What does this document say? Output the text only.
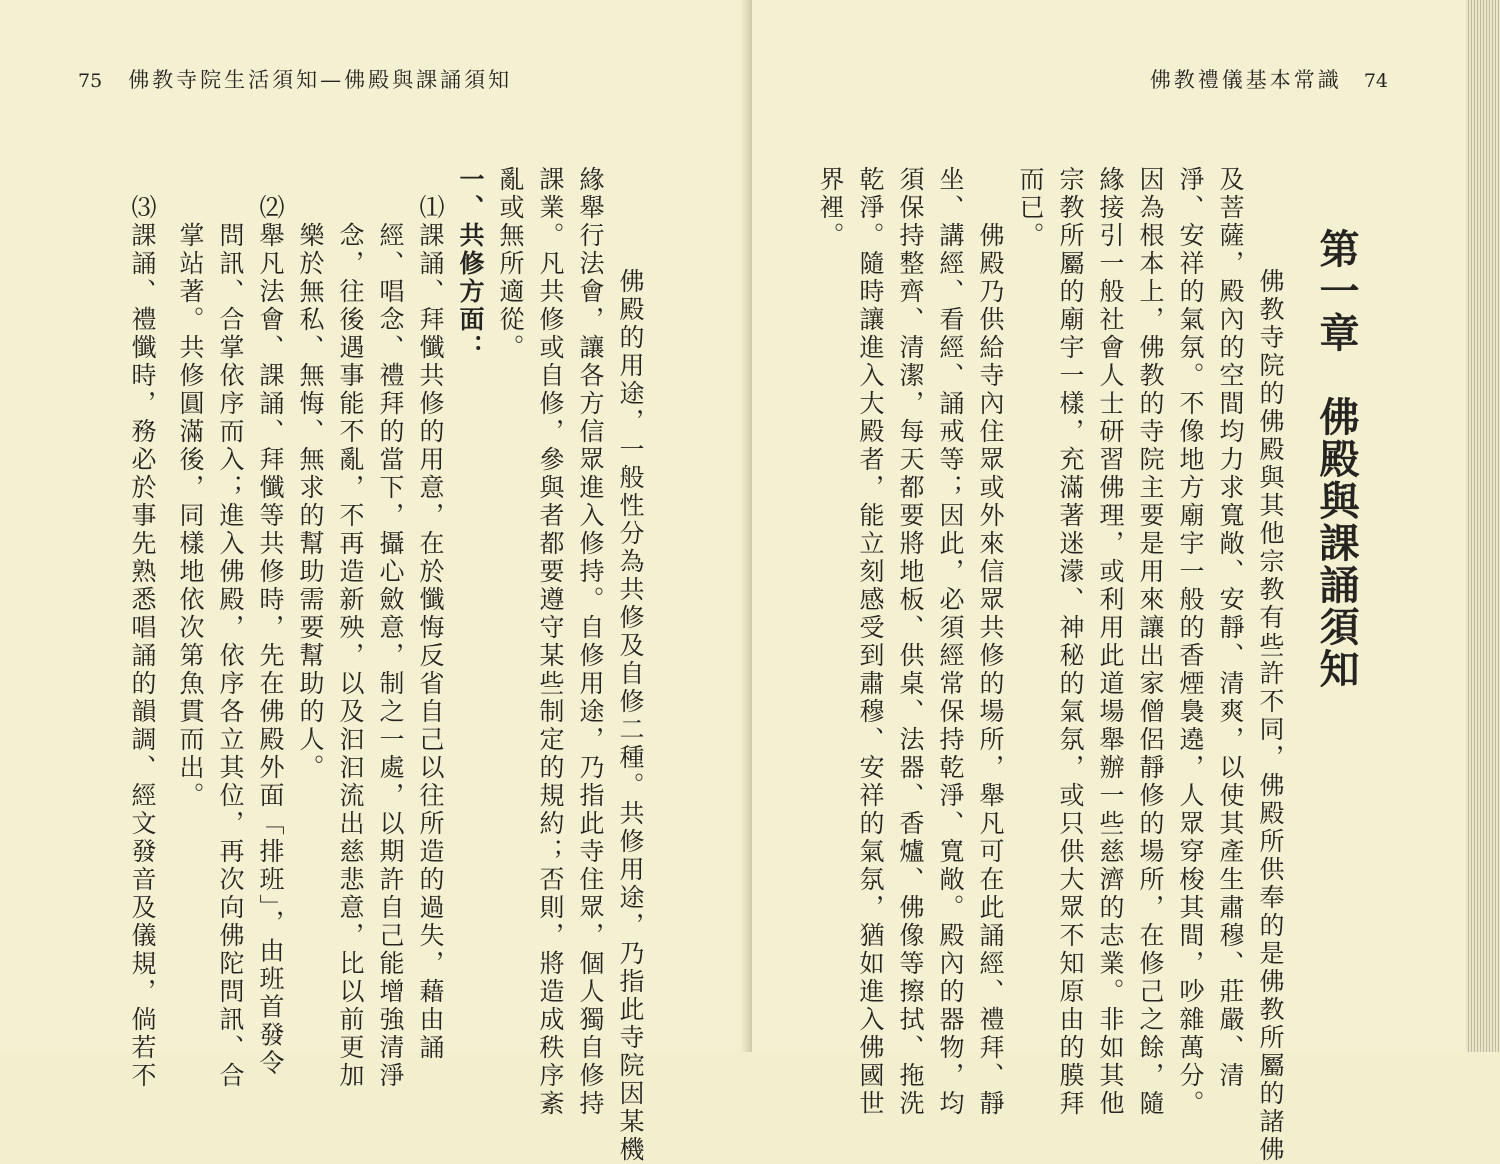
75 佛教寺院生活須知—佛殿與課誦須知
　　佛殿的用途，一般性分為共修及自修二種。共修用途，乃指此寺院因某機
緣舉行法會，讓各方信眾進入修持。自修用途，乃指此寺住眾，個人獨自修持
課業。凡共修或自修，參與者都要遵守某些制定的規約；否則，將造成秩序紊
亂或無所適從。
一、共修方面：
　⑴課誦、拜懺共修的用意，在於懺悔反省自己以往所造的過失，藉由誦
　　經、唱念、禮拜的當下，攝心斂意，制之一處，以期許自己能增強清淨
　　念，往後遇事能不亂，不再造新殃，以及汩汩流出慈悲意，比以前更加
　　樂於無私、無悔、無求的幫助需要幫助的人。
　⑵舉凡法會、課誦、拜懺等共修時，先在佛殿外面「排班」，由班首發令
　　問訊、合掌依序而入；進入佛殿，依序各立其位，再次向佛陀問訊、合
　　掌站著。共修圓滿後，同樣地依次第魚貫而出。
　⑶課誦、禮懺時，務必於事先熟悉唱誦的韻調、經文發音及儀規，倘若不
佛教禮儀基本常識 74
第一章佛殿與課誦須知
　　佛教寺院的佛殿與其他宗教有些許不同，佛殿所供奉的是佛教所屬的諸佛
及菩薩，殿內的空間均力求寬敞、安靜、清爽，以使其產生肅穆、莊嚴、清
淨、安祥的氣氛。不像地方廟宇一般的香煙裊遶，人眾穿梭其間，吵雜萬分。
因為根本上，佛教的寺院主要是用來讓出家僧侶靜修的場所，在修己之餘，隨
緣接引一般社會人士研習佛理，或利用此道場舉辦一些慈濟的志業。非如其他
宗教所屬的廟宇一樣，充滿著迷濛、神秘的氣氛，或只供大眾不知原由的膜拜
而已。
　　佛殿乃供給寺內住眾或外來信眾共修的場所，舉凡可在此誦經、禮拜、靜
坐、講經、看經、誦戒等；因此，必須經常保持乾淨、寬敞。殿內的器物，均
須保持整齊、清潔，每天都要將地板、供桌、法器、香爐、佛像等擦拭、拖洗
乾淨。隨時讓進入大殿者，能立刻感受到肅穆、安祥的氣氛，猶如進入佛國世
界裡。
